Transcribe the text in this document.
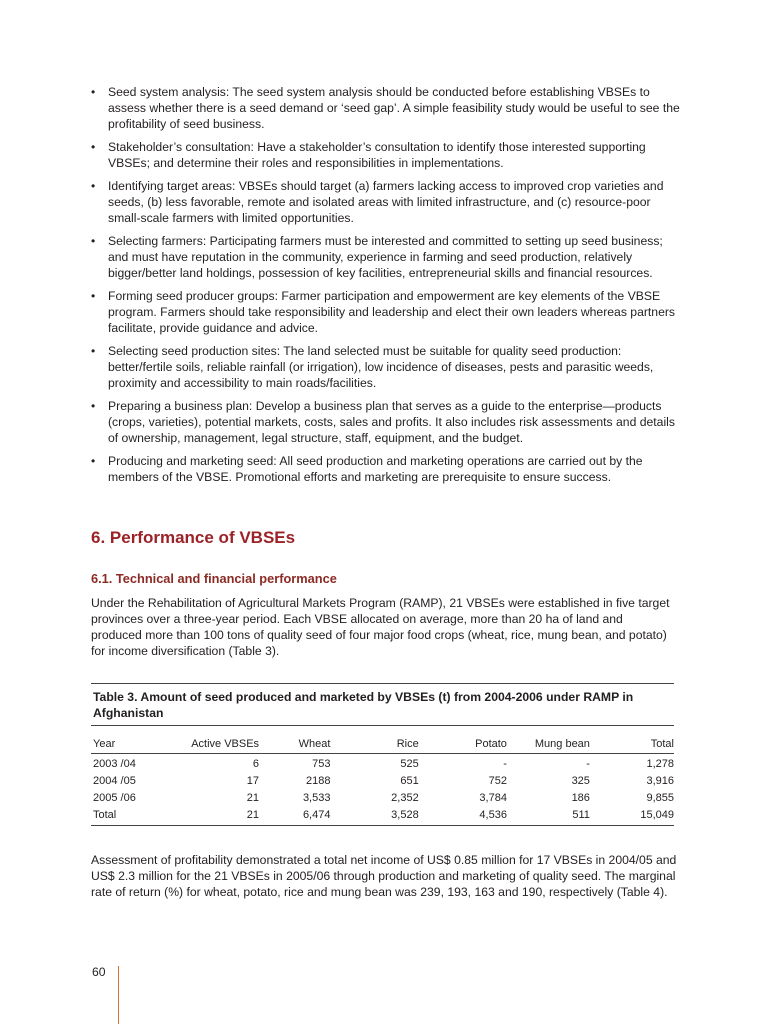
• Seed system analysis: The seed system analysis should be conducted before establishing VBSEs to assess whether there is a seed demand or ‘seed gap’. A simple feasibility study would be useful to see the profitability of seed business.
• Stakeholder’s consultation: Have a stakeholder’s consultation to identify those interested supporting VBSEs; and determine their roles and responsibilities in implementations.
• Identifying target areas: VBSEs should target (a) farmers lacking access to improved crop varieties and seeds, (b) less favorable, remote and isolated areas with limited infrastructure, and (c) resource-poor small-scale farmers with limited opportunities.
• Selecting farmers: Participating farmers must be interested and committed to setting up seed business; and must have reputation in the community, experience in farming and seed production, relatively bigger/better land holdings, possession of key facilities, entrepreneurial skills and financial resources.
• Forming seed producer groups: Farmer participation and empowerment are key elements of the VBSE program. Farmers should take responsibility and leadership and elect their own leaders whereas partners facilitate, provide guidance and advice.
• Selecting seed production sites: The land selected must be suitable for quality seed production: better/fertile soils, reliable rainfall (or irrigation), low incidence of diseases, pests and parasitic weeds, proximity and accessibility to main roads/facilities.
• Preparing a business plan: Develop a business plan that serves as a guide to the enterprise—products (crops, varieties), potential markets, costs, sales and profits. It also includes risk assessments and details of ownership, management, legal structure, staff, equipment, and the budget.
• Producing and marketing seed: All seed production and marketing operations are carried out by the members of the VBSE. Promotional efforts and marketing are prerequisite to ensure success.
6. Performance of VBSEs
6.1. Technical and financial performance

Under the Rehabilitation of Agricultural Markets Program (RAMP), 21 VBSEs were established in five target provinces over a three-year period. Each VBSE allocated on average, more than 20 ha of land and produced more than 100 tons of quality seed of four major food crops (wheat, rice, mung bean, and potato) for income diversification (Table 3).

Table 3. Amount of seed produced and marketed by VBSEs (t) from 2004-2006 under RAMP in Afghanistan
Year	Active VBSEs	Wheat	Rice	Potato	Mung bean	Total
2003 /04	6	753	525	-	-	1,278
2004 /05	17	2188	651	752	325	3,916
2005 /06	21	3,533	2,352	3,784	186	9,855
Total	21	6,474	3,528	4,536	511	15,049

Assessment of profitability demonstrated a total net income of US$ 0.85 million for 17 VBSEs in 2004/05 and US$ 2.3 million for the 21 VBSEs in 2005/06 through production and marketing of quality seed. The marginal rate of return (%) for wheat, potato, rice and mung bean was 239, 193, 163 and 190, respectively (Table 4).

60
